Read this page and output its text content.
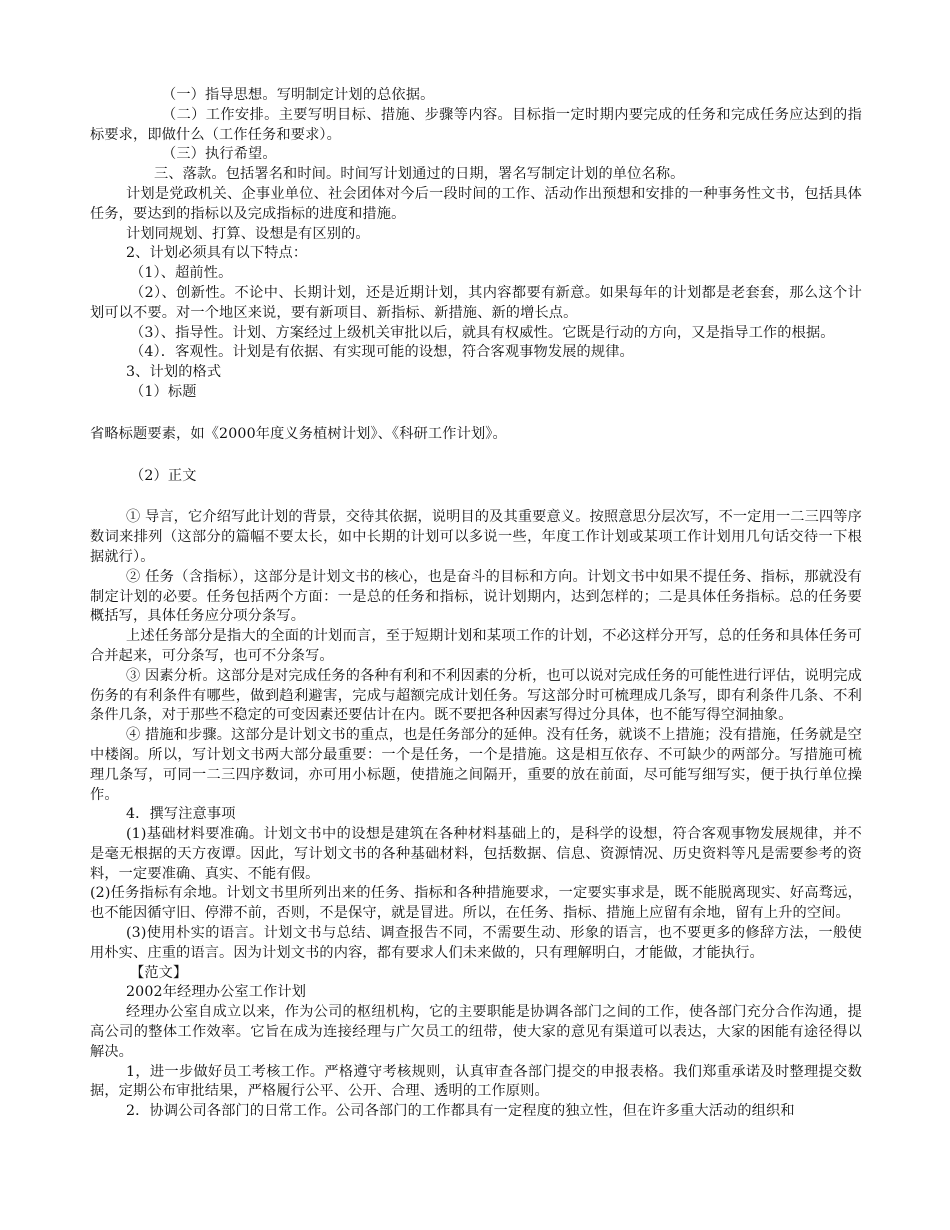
（一）指导思想。写明制定计划的总依据。

（二）工作安排。主要写明目标、措施、步骤等内容。目标指一定时期内要完成的任务和完成任务应达到的指标要求，即做什么（工作任务和要求）。

（三）执行希望。

三、落款。包括署名和时间。时间写计划通过的日期，署名写制定计划的单位名称。

计划是党政机关、企事业单位、社会团体对今后一段时间的工作、活动作出预想和安排的一种事务性文书，包括具体任务，要达到的指标以及完成指标的进度和措施。

计划同规划、打算、设想是有区别的。

2、计划必须具有以下特点：

（1）、超前性。

（2）、创新性。不论中、长期计划，还是近期计划，其内容都要有新意。如果每年的计划都是老套套，那么这个计划可以不要。对一个地区来说，要有新项目、新指标、新措施、新的增长点。

（3）、指导性。计划、方案经过上级机关审批以后，就具有权威性。它既是行动的方向，又是指导工作的根据。

（4）．客观性。计划是有依据、有实现可能的设想，符合客观事物发展的规律。

3、计划的格式

（1）标题

省略标题要素，如《2000年度义务植树计划》、《科研工作计划》。

（2）正文

① 导言，它介绍写此计划的背景，交待其依据，说明目的及其重要意义。按照意思分层次写，不一定用一二三四等序数词来排列（这部分的篇幅不要太长，如中长期的计划可以多说一些，年度工作计划或某项工作计划用几句话交待一下根据就行）。

② 任务（含指标），这部分是计划文书的核心，也是奋斗的目标和方向。计划文书中如果不提任务、指标，那就没有制定计划的必要。任务包括两个方面：一是总的任务和指标，说计划期内，达到怎样的；二是具体任务指标。总的任务要概括写，具体任务应分项分条写。

上述任务部分是指大的全面的计划而言，至于短期计划和某项工作的计划，不必这样分开写，总的任务和具体任务可合并起来，可分条写，也可不分条写。

③ 因素分析。这部分是对完成任务的各种有利和不利因素的分析，也可以说对完成任务的可能性进行评估，说明完成伤务的有利条件有哪些，做到趋利避害，完成与超额完成计划任务。写这部分时可梳理成几条写，即有利条件几条、不利条件几条，对于那些不稳定的可变因素还要估计在内。既不要把各种因素写得过分具体，也不能写得空洞抽象。

④ 措施和步骤。这部分是计划文书的重点，也是任务部分的延伸。没有任务，就谈不上措施；没有措施，任务就是空中楼阁。所以，写计划文书两大部分最重要：一个是任务，一个是措施。这是相互依存、不可缺少的两部分。写措施可梳理几条写，可同一二三四序数词，亦可用小标题，使措施之间隔开，重要的放在前面，尽可能写细写实，便于执行单位操作。

4．撰写注意事项

(1)基础材料要准确。计划文书中的设想是建筑在各种材料基础上的，是科学的设想，符合客观事物发展规律，并不是毫无根据的天方夜谭。因此，写计划文书的各种基础材料，包括数据、信息、资源情况、历史资料等凡是需要参考的资料，一定要准确、真实、不能有假。

(2)任务指标有余地。计划文书里所列出来的任务、指标和各种措施要求，一定要实事求是，既不能脱离现实、好高骛远，也不能因循守旧、停滞不前，否则，不是保守，就是冒进。所以，在任务、指标、措施上应留有余地，留有上升的空间。

(3)使用朴实的语言。计划文书与总结、调查报告不同，不需要生动、形象的语言，也不要更多的修辞方法，一般使用朴实、庄重的语言。因为计划文书的内容，都有要求人们未来做的，只有理解明白，才能做，才能执行。

【范文】

2002年经理办公室工作计划

经理办公室自成立以来，作为公司的枢纽机构，它的主要职能是协调各部门之间的工作，使各部门充分合作沟通，提高公司的整体工作效率。它旨在成为连接经理与广欠员工的纽带，使大家的意见有渠道可以表达，大家的困能有途径得以解决。

1，进一步做好员工考核工作。严格遵守考核规则，认真审查各部门提交的申报表格。我们郑重承诺及时整理提交数据，定期公布审批结果，严格履行公平、公开、合理、透明的工作原则。

2．协调公司各部门的日常工作。公司各部门的工作都具有一定程度的独立性，但在许多重大活动的组织和
